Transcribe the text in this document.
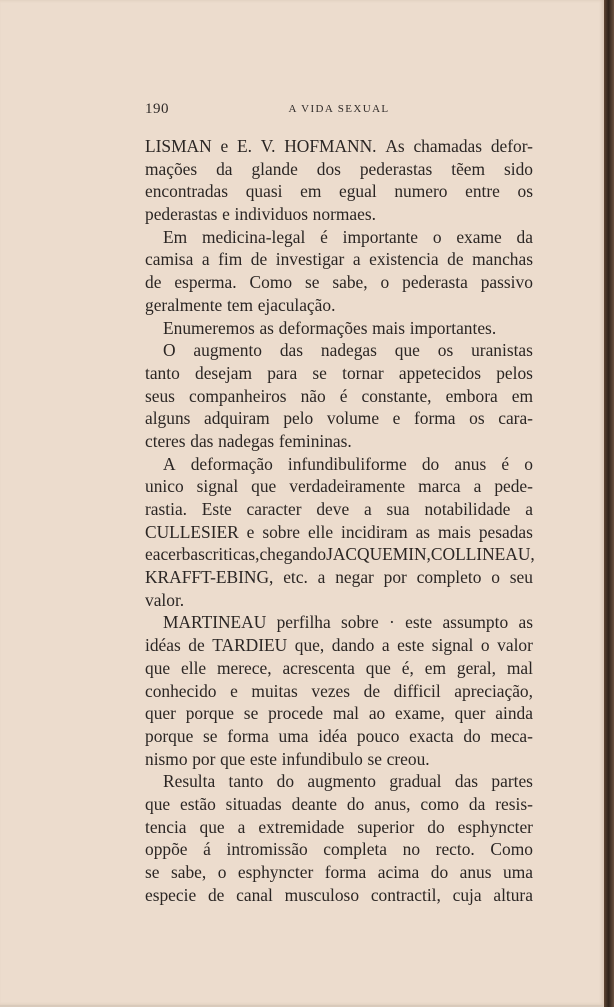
190	A VIDA SEXUAL
LISMAN e E. V. HOFMANN. As chamadas defor-
mações da glande dos pederastas tẽem sido
encontradas quasi em egual numero entre os
pederastas e individuos normaes.
Em medicina-legal é importante o exame da
camisa a fim de investigar a existencia de manchas
de esperma. Como se sabe, o pederasta passivo
geralmente tem ejaculação.
Enumeremos as deformações mais importantes.
O augmento das nadegas que os uranistas
tanto desejam para se tornar appetecidos pelos
seus companheiros não é constante, embora em
alguns adquiram pelo volume e forma os cara-
cteres das nadegas femininas.
A deformação infundibuliforme do anus é o
unico signal que verdadeiramente marca a pede-
rastia. Este caracter deve a sua notabilidade a
CULLESIER e sobre elle incidiram as mais pesadas
e acerbas criticas, chegando JACQUEMIN, COLLINEAU,
KRAFFT-EBING, etc. a negar por completo o seu
valor.
MARTINEAU perfilha sobre · este assumpto as
idéas de TARDIEU que, dando a este signal o valor
que elle merece, acrescenta que é, em geral, mal
conhecido e muitas vezes de difficil apreciação,
quer porque se procede mal ao exame, quer ainda
porque se forma uma idéa pouco exacta do meca-
nismo por que este infundibulo se creou.
Resulta tanto do augmento gradual das partes
que estão situadas deante do anus, como da resis-
tencia que a extremidade superior do esphyncter
oppõe á intromissão completa no recto. Como
se sabe, o esphyncter forma acima do anus uma
especie de canal musculoso contractil, cuja altura
